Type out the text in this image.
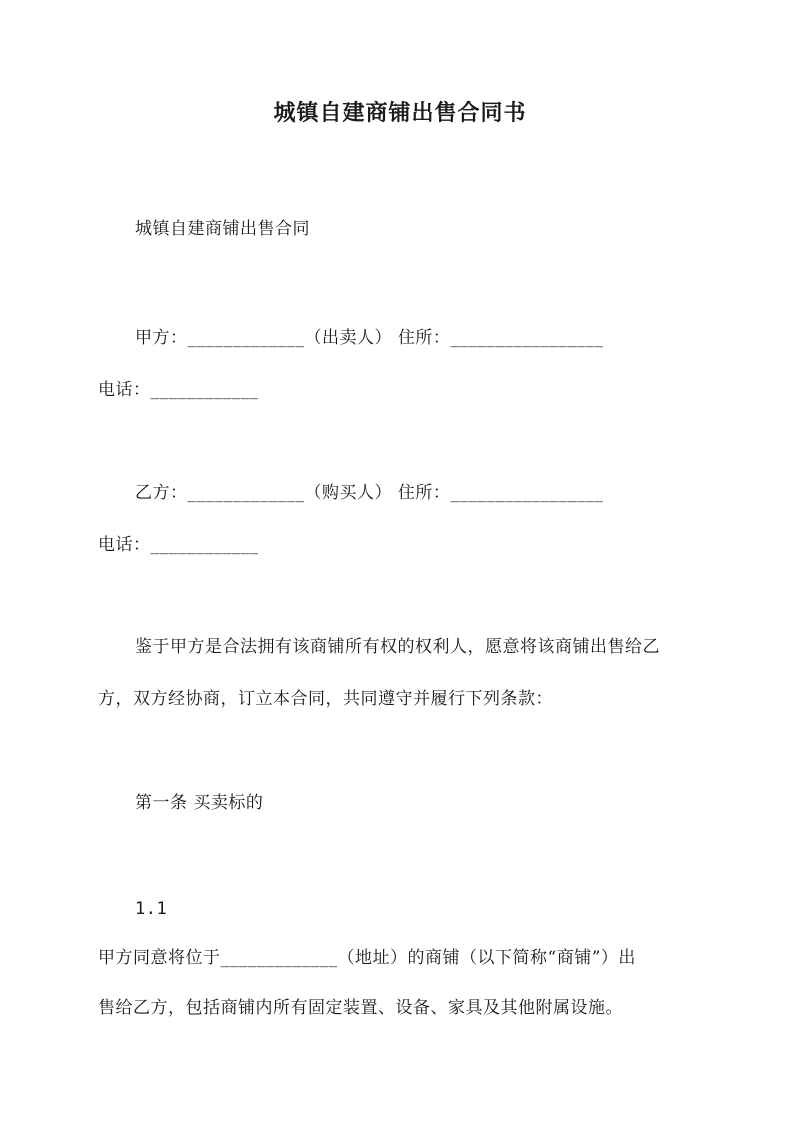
城镇自建商铺出售合同书
城镇自建商铺出售合同
甲方：_____________（出卖人） 住所：_________________
电话：____________
乙方：_____________（购买人） 住所：_________________
电话：____________
鉴于甲方是合法拥有该商铺所有权的权利人，愿意将该商铺出售给乙
方，双方经协商，订立本合同，共同遵守并履行下列条款：
第一条 买卖标的
1.1
甲方同意将位于_____________（地址）的商铺（以下简称“商铺”）出
售给乙方，包括商铺内所有固定装置、设备、家具及其他附属设施。
